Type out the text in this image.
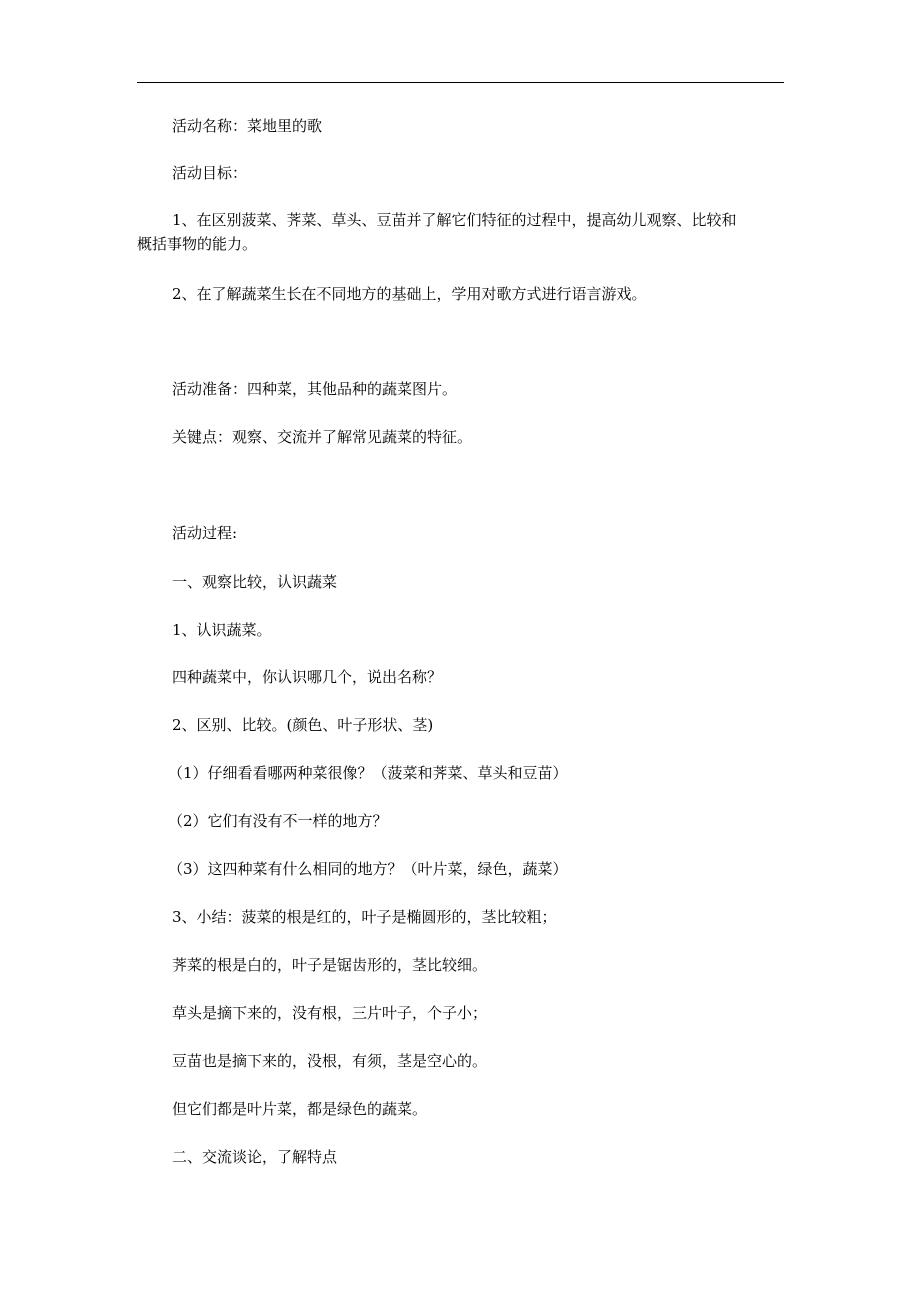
活动名称：菜地里的歌

活动目标：

1、在区别菠菜、荠菜、草头、豆苗并了解它们特征的过程中，提高幼儿观察、比较和
概括事物的能力。

2、在了解蔬菜生长在不同地方的基础上，学用对歌方式进行语言游戏。

活动准备：四种菜，其他品种的蔬菜图片。

关键点：观察、交流并了解常见蔬菜的特征。

活动过程:

一、观察比较，认识蔬菜

1、认识蔬菜。

四种蔬菜中，你认识哪几个，说出名称？

2、区别、比较。(颜色、叶子形状、茎)

（1）仔细看看哪两种菜很像？（菠菜和荠菜、草头和豆苗）

（2）它们有没有不一样的地方？

（3）这四种菜有什么相同的地方？（叶片菜，绿色，蔬菜）

3、小结：菠菜的根是红的，叶子是椭圆形的，茎比较粗；

荠菜的根是白的，叶子是锯齿形的，茎比较细。

草头是摘下来的，没有根，三片叶子，个子小；

豆苗也是摘下来的，没根，有须，茎是空心的。

但它们都是叶片菜，都是绿色的蔬菜。

二、交流谈论，了解特点
